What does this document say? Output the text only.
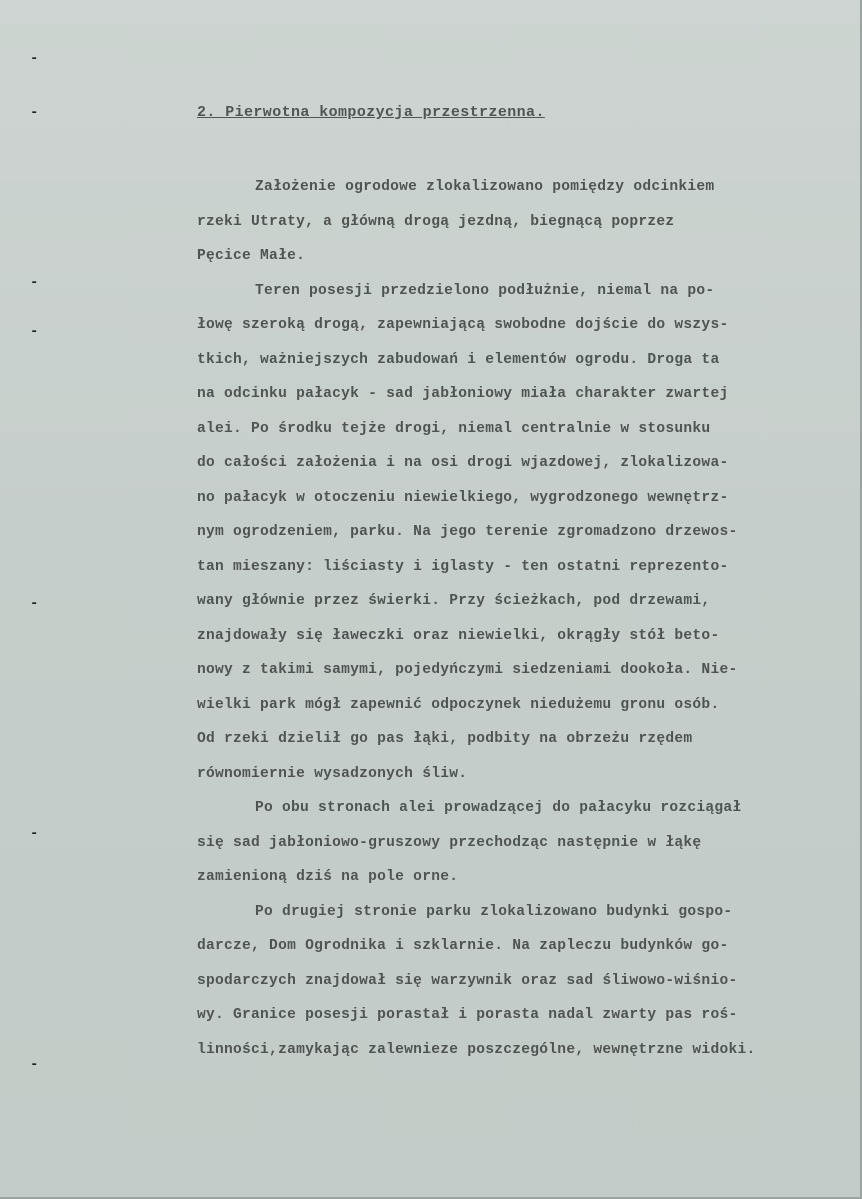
-
-
-
-
-
-
-
2. Pierwotna kompozycja przestrzenna.
Założenie ogrodowe zlokalizowano pomiędzy odcinkiem
rzeki Utraty, a główną drogą jezdną, biegnącą poprzez
Pęcice Małe.
Teren posesji przedzielono podłużnie, niemal na po-
łowę szeroką drogą, zapewniającą swobodne dojście do wszys-
tkich, ważniejszych zabudowań i elementów ogrodu. Droga ta
na odcinku pałacyk - sad jabłoniowy miała charakter zwartej
alei. Po środku tejże drogi, niemal centralnie w stosunku
do całości założenia i na osi drogi wjazdowej, zlokalizowa-
no pałacyk w otoczeniu niewielkiego, wygrodzonego wewnętrz-
nym ogrodzeniem, parku. Na jego terenie zgromadzono drzewos-
tan mieszany: liściasty i iglasty - ten ostatni reprezento-
wany głównie przez świerki. Przy ścieżkach, pod drzewami,
znajdowały się ławeczki oraz niewielki, okrągły stół beto-
nowy z takimi samymi, pojedyńczymi siedzeniami dookoła. Nie-
wielki park mógł zapewnić odpoczynek niedużemu gronu osób.
Od rzeki dzielił go pas łąki, podbity na obrzeżu rzędem
równomiernie wysadzonych śliw.
Po obu stronach alei prowadzącej do pałacyku rozciągał
się sad jabłoniowo-gruszowy przechodząc następnie w łąkę
zamienioną dziś na pole orne.
Po drugiej stronie parku zlokalizowano budynki gospo-
darcze, Dom Ogrodnika i szklarnie. Na zapleczu budynków go-
spodarczych znajdował się warzywnik oraz sad śliwowo-wiśnio-
wy. Granice posesji porastał i porasta nadal zwarty pas roś-
linności,zamykając zalewnieze poszczególne, wewnętrzne widoki.
